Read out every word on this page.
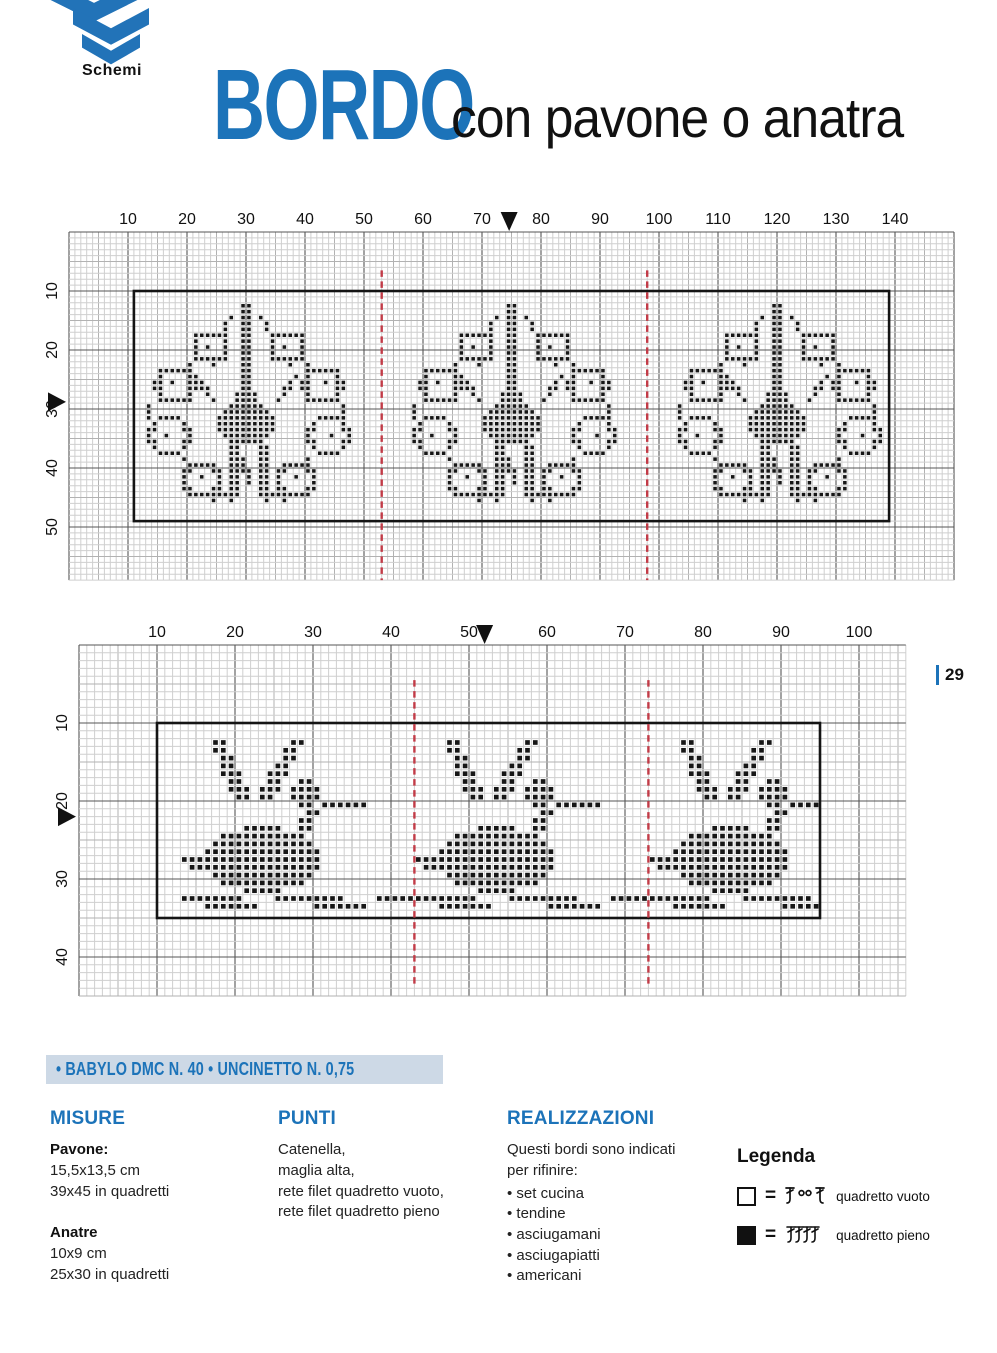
Schemi BORDO
con pavone o anatra
29
• BABYLO DMC N. 40 • UNCINETTO N. 0,75
MISURE
Pavone:
15,5x13,5 cm
39x45 in quadretti
Anatre
10x9 cm
25x30 in quadretti
PUNTI
Catenella,
maglia alta,
rete filet quadretto vuoto,
rete filet quadretto pieno
REALIZZAZIONI
Questi bordi sono indicati
per rifinire:
• set cucina
• tendine
• asciugamani
• asciugapiatti
• americani
Legenda
=	quadretto vuoto
=	quadretto pieno
